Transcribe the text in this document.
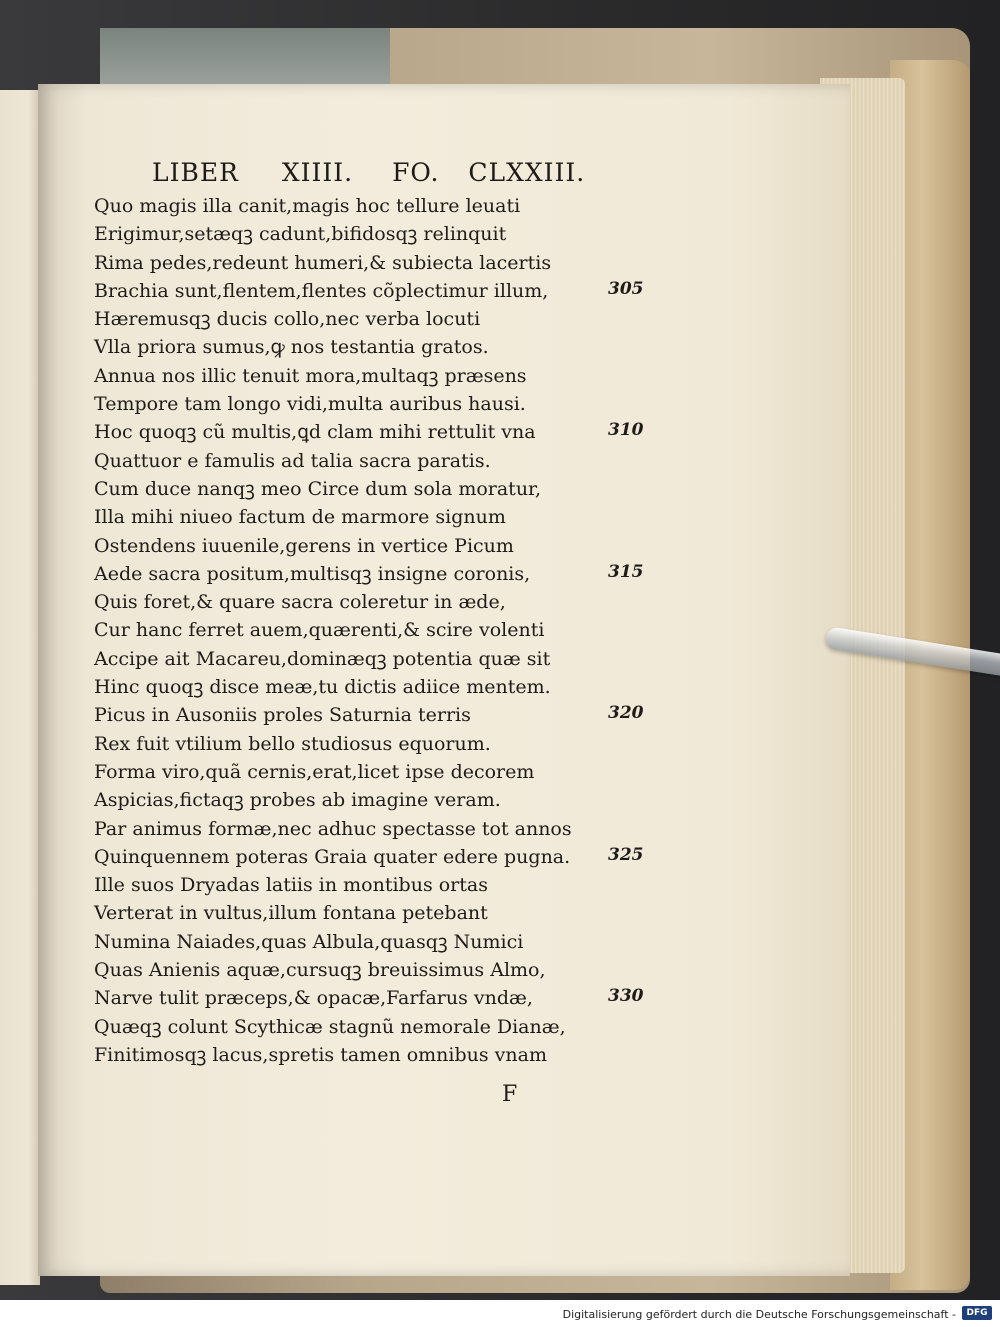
LIBER XIIII. FO. CLXXIII.
Quo magis illa canit,magis hoc tellure leuati
Erigimur,setæqꝫ cadunt,bifidosqꝫ relinquit
Rima pedes,redeunt humeri,& subiecta lacertis
Brachia sunt,flentem,flentes cõplectimur illum,
Hæremusqꝫ ducis collo,nec verba locuti
Vlla priora sumus,ꝙ nos testantia gratos.
Annua nos illic tenuit mora,multaqꝫ præsens
Tempore tam longo vidi,multa auribus hausi.
Hoc quoqꝫ cũ multis,ꝗd clam mihi rettulit vna
Quattuor e famulis ad talia sacra paratis.
Cum duce nanqꝫ meo Circe dum sola moratur,
Illa mihi niueo factum de marmore signum
Ostendens iuuenile,gerens in vertice Picum
Aede sacra positum,multisqꝫ insigne coronis,
Quis foret,& quare sacra coleretur in æde,
Cur hanc ferret auem,quærenti,& scire volenti
Accipe ait Macareu,dominæqꝫ potentia quæ sit
Hinc quoqꝫ disce meæ,tu dictis adiice mentem.
Picus in Ausoniis proles Saturnia terris
Rex fuit vtilium bello studiosus equorum.
Forma viro,quã cernis,erat,licet ipse decorem
Aspicias,fictaqꝫ probes ab imagine veram.
Par animus formæ,nec adhuc spectasse tot annos
Quinquennem poteras Graia quater edere pugna.
Ille suos Dryadas latiis in montibus ortas
Verterat in vultus,illum fontana petebant
Numina Naiades,quas Albula,quasqꝫ Numici
Quas Anienis aquæ,cursuqꝫ breuissimus Almo,
Narve tulit præceps,& opacæ,Farfarus vndæ,
Quæqꝫ colunt Scythicæ stagnũ nemorale Dianæ,
Finitimosqꝫ lacus,spretis tamen omnibus vnam
F
Digitalisierung gefördert durch die Deutsche Forschungsgemeinschaft -	DFG
305
310
315
320
325
330
